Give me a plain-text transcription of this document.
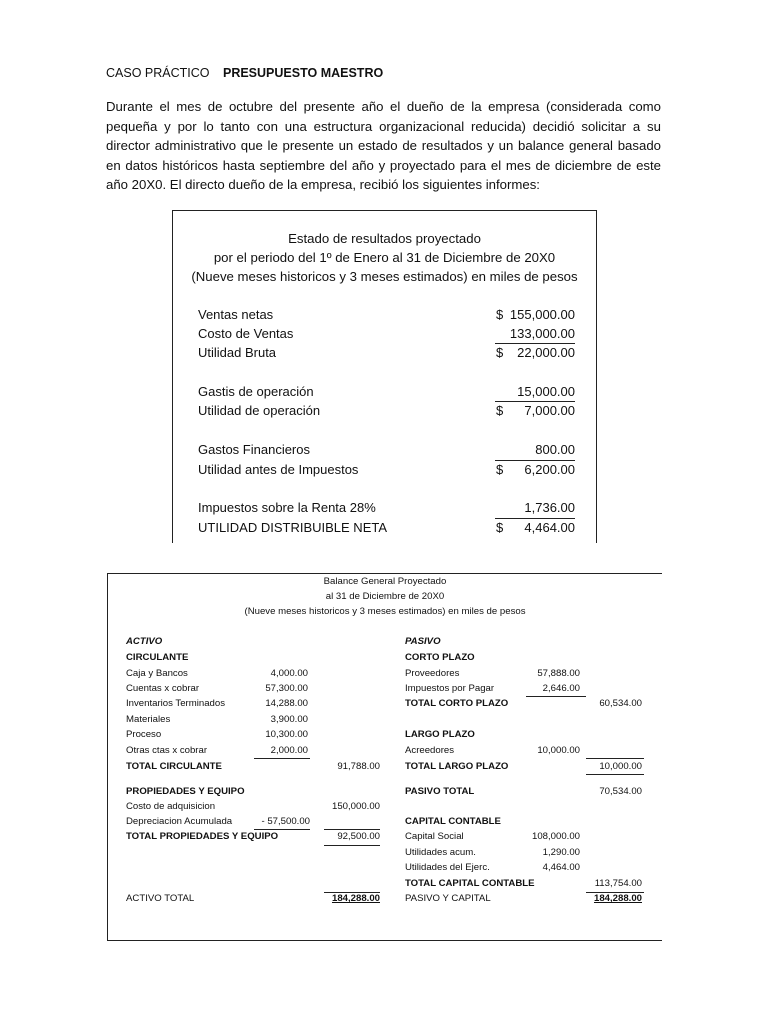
CASO PRÁCTICO PRESUPUESTO MAESTRO
Durante el mes de octubre del presente año el dueño de la empresa (considerada como pequeña y por lo tanto con una estructura organizacional reducida) decidió solicitar a su director administrativo que le presente un estado de resultados y un balance general basado en datos históricos hasta septiembre del año y proyectado para el mes de diciembre de este año 20X0. El directo dueño de la empresa, recibió los siguientes informes:
Estado de resultados proyectado
por el periodo del 1º de Enero al 31 de Diciembre de 20X0
(Nueve meses historicos y 3 meses estimados) en miles de pesos
Ventas netas	$ 155,000.00
Costo de Ventas	133,000.00
Utilidad Bruta	$ 22,000.00
Gastis de operación	15,000.00
Utilidad de operación	$ 7,000.00
Gastos Financieros	800.00
Utilidad antes de Impuestos	$ 6,200.00
Impuestos sobre la Renta 28%	1,736.00
UTILIDAD DISTRIBUIBLE NETA	$ 4,464.00
Balance General Proyectado
al 31 de Diciembre de 20X0
(Nueve meses historicos y 3 meses estimados) en miles de pesos
ACTIVO
CIRCULANTE
Caja y Bancos	4,000.00
Cuentas x cobrar	57,300.00
Inventarios Terminados	14,288.00
Materiales	3,900.00
Proceso	10,300.00
Otras ctas x cobrar	2,000.00
TOTAL CIRCULANTE	91,788.00
PROPIEDADES Y EQUIPO
Costo de adquisicion	150,000.00
Depreciacion Acumulada	- 57,500.00
TOTAL PROPIEDADES Y EQUIPO	92,500.00
ACTIVO TOTAL	184,288.00
PASIVO
CORTO PLAZO
Proveedores	57,888.00
Impuestos por Pagar	2,646.00
TOTAL CORTO PLAZO	60,534.00
LARGO PLAZO
Acreedores	10,000.00
TOTAL LARGO PLAZO	10,000.00
PASIVO TOTAL	70,534.00
CAPITAL CONTABLE
Capital Social	108,000.00
Utilidades acum.	1,290.00
Utilidades del Ejerc.	4,464.00
TOTAL CAPITAL CONTABLE	113,754.00
PASIVO Y CAPITAL	184,288.00
